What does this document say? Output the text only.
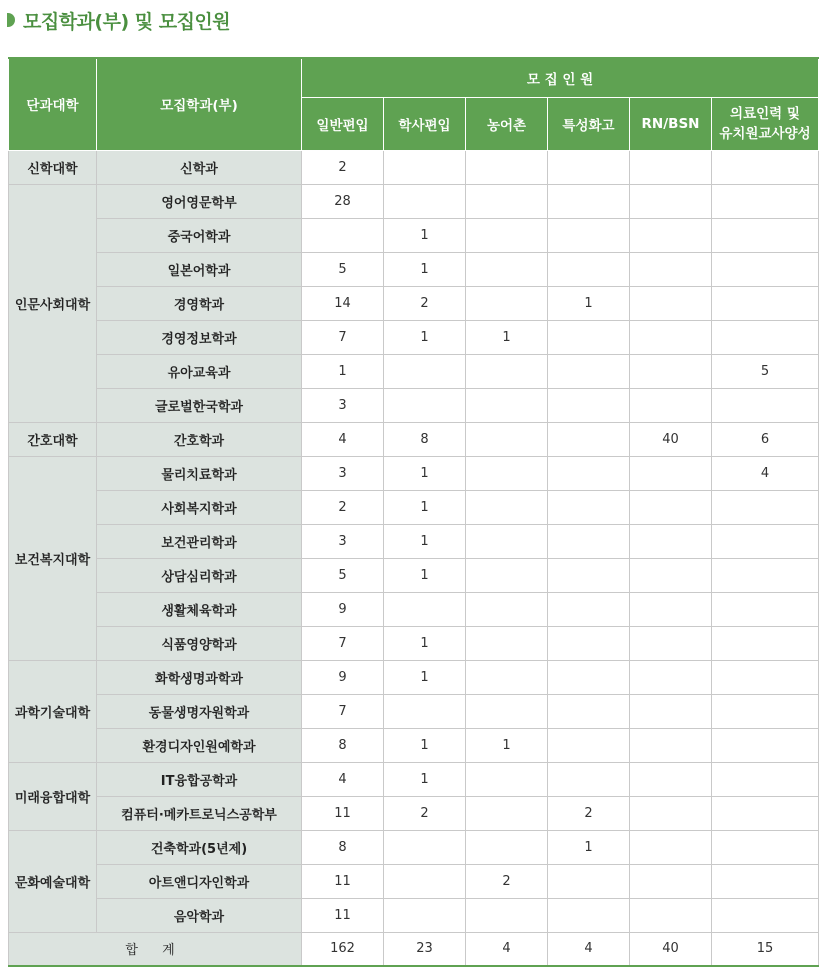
모집학과(부) 및 모집인원
단과대학	모집학과(부)	모 집 인 원					
		일반편입	학사편입	농어촌	특성화고	RN/BSN	의료인력 및
유치원교사양성
신학대학	신학과	2					
인문사회대학	영어영문학부	28					
	중국어학과		1				
	일본어학과	5	1				
	경영학과	14	2		1		
	경영정보학과	7	1	1			
	유아교육과	1					5
	글로벌한국학과	3					
간호대학	간호학과	4	8			40	6
보건복지대학	물리치료학과	3	1				4
	사회복지학과	2	1				
	보건관리학과	3	1				
	상담심리학과	5	1				
	생활체육학과	9					
	식품영양학과	7	1				
과학기술대학	화학생명과학과	9	1				
	동물생명자원학과	7					
	환경디자인원예학과	8	1	1			
미래융합대학	IT융합공학과	4	1				
	컴퓨터·메카트로닉스공학부	11	2		2		
문화예술대학	건축학과(5년제)	8			1		
	아트앤디자인학과	11		2			
	음악학과	11					
합 계		162	23	4	4	40	15
